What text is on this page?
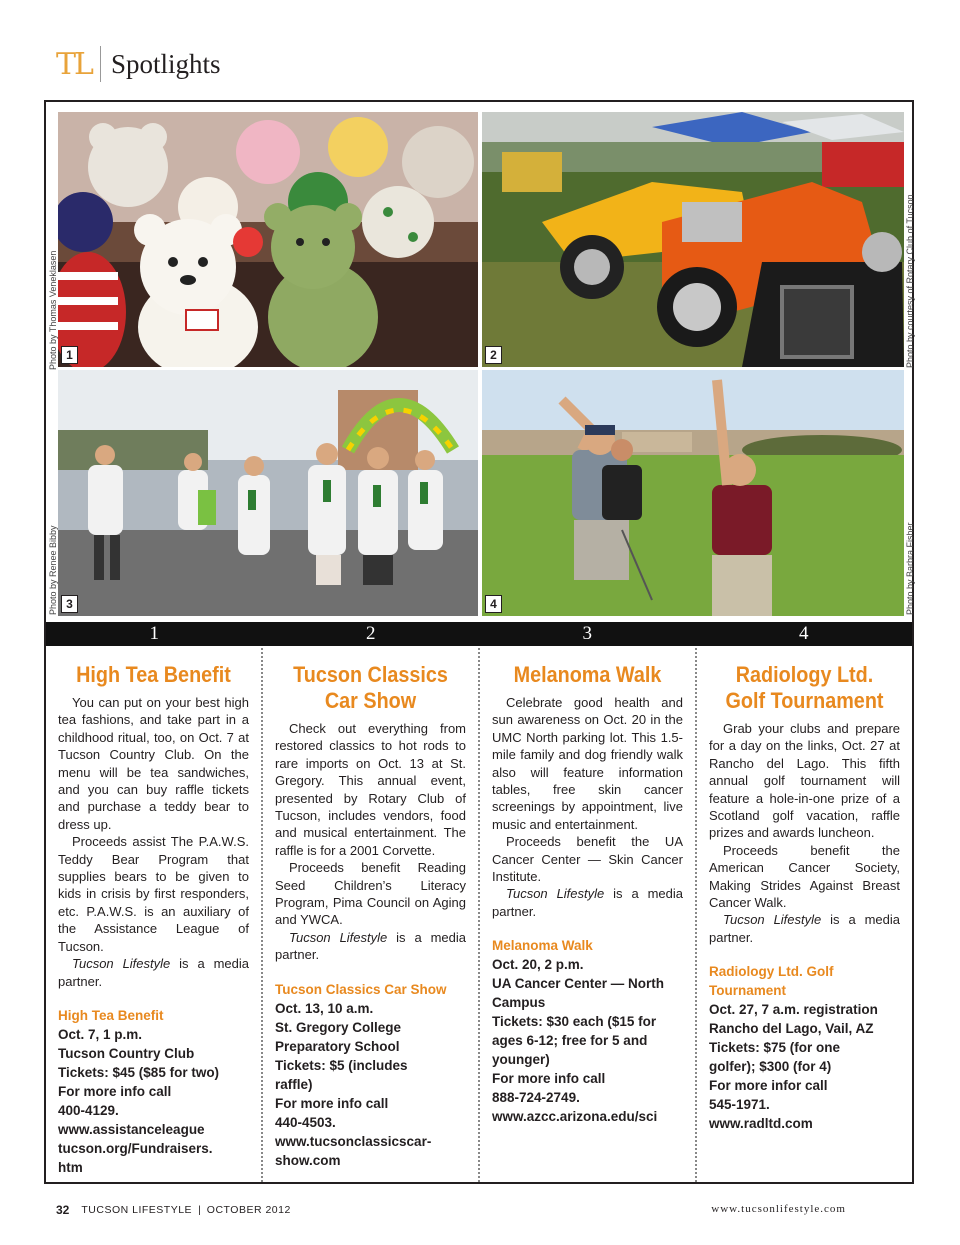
TL Spotlights
1	2
3	4
Photo by Thomas Veneklasen	Photo by courtesy of Rotary Club of Tucson
Photo by Renee Bibby	Photo by Barbra Fisher
1	2	3	4
High Tea Benefit

You can put on your best high tea fashions, and take part in a childhood ritual, too, on Oct. 7 at Tucson Country Club. On the menu will be tea sandwiches, and you can buy raffle tickets and purchase a teddy bear to dress up.

Proceeds assist The P.A.W.S. Teddy Bear Program that supplies bears to be given to kids in crisis by first responders, etc. P.A.W.S. is an auxiliary of the Assistance League of Tucson.

Tucson Lifestyle is a media partner.

High Tea Benefit
Oct. 7, 1 p.m.
Tucson Country Club
Tickets: $45 ($85 for two)
For more info call
400-4129.
www.assistanceleague
tucson.org/Fundraisers.
htm
Tucson Classics Car Show

Check out everything from restored classics to hot rods to rare imports on Oct. 13 at St. Gregory. This annual event, presented by Rotary Club of Tucson, includes vendors, food and musical entertainment. The raffle is for a 2001 Corvette.

Proceeds benefit Reading Seed Children’s Literacy Program, Pima Council on Aging and YWCA.

Tucson Lifestyle is a media partner.

Tucson Classics Car Show
Oct. 13, 10 a.m.
St. Gregory College
Preparatory School
Tickets: $5 (includes
raffle)
For more info call
440-4503.
www.tucsonclassicscar-
show.com
Melanoma Walk

Celebrate good health and sun awareness on Oct. 20 in the UMC North parking lot. This 1.5-mile family and dog friendly walk also will feature information tables, free skin cancer screenings by appointment, live music and entertainment.

Proceeds benefit the UA Cancer Center — Skin Cancer Institute.

Tucson Lifestyle is a media partner.

Melanoma Walk
Oct. 20, 2 p.m.
UA Cancer Center — North
Campus
Tickets: $30 each ($15 for
ages 6-12; free for 5 and
younger)
For more info call
888-724-2749.
www.azcc.arizona.edu/sci
Radiology Ltd. Golf Tournament

Grab your clubs and prepare for a day on the links, Oct. 27 at Rancho del Lago. This fifth annual golf tournament will feature a hole-in-one prize of a Scotland golf vacation, raffle prizes and awards luncheon.

Proceeds benefit the American Cancer Society, Making Strides Against Breast Cancer Walk.

Tucson Lifestyle is a media partner.

Radiology Ltd. Golf Tournament
Oct. 27, 7 a.m. registration
Rancho del Lago, Vail, AZ
Tickets: $75 (for one
golfer); $300 (for 4)
For more infor call
545-1971.
www.radltd.com
32 TUCSON LIFESTYLE | OCTOBER 2012	www.tucsonlifestyle.com
